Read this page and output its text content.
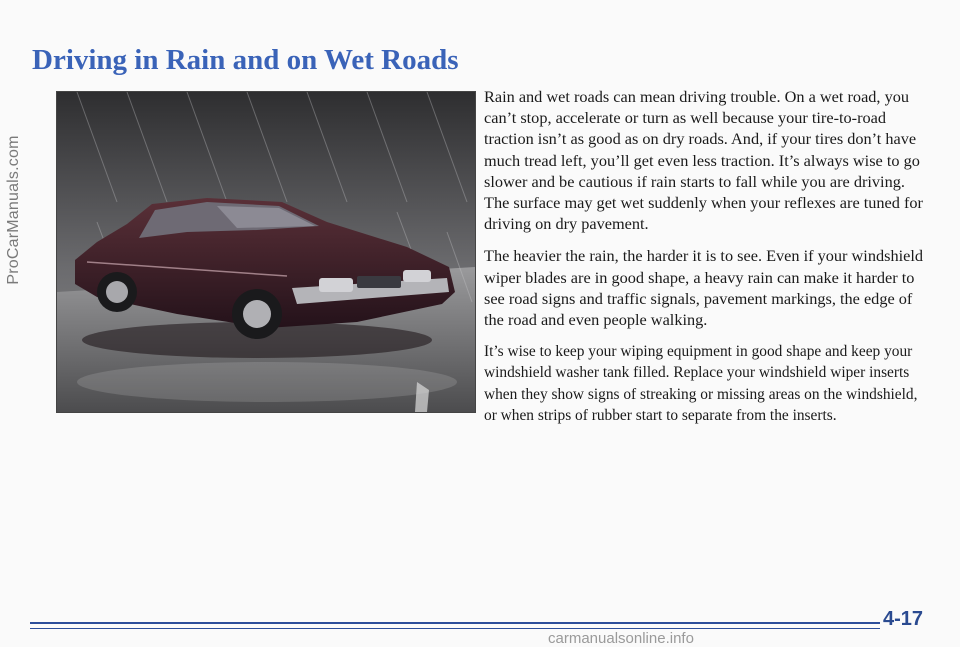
ProCarManuals.com
Driving in Rain and on Wet Roads

Rain and wet roads can mean driving trouble. On a wet road, you can’t stop, accelerate or turn as well because your tire-to-road traction isn’t as good as on dry roads. And, if your tires don’t have much tread left, you’ll get even less traction. It’s always wise to go slower and be cautious if rain starts to fall while you are driving. The surface may get wet suddenly when your reflexes are tuned for driving on dry pavement.

The heavier the rain, the harder it is to see. Even if your windshield wiper blades are in good shape, a heavy rain can make it harder to see road signs and traffic signals, pavement markings, the edge of the road and even people walking.

It’s wise to keep your wiping equipment in good shape and keep your windshield washer tank filled. Replace your windshield wiper inserts when they show signs of streaking or missing areas on the windshield, or when strips of rubber start to separate from the inserts.

4-17
carmanualsonline.info
